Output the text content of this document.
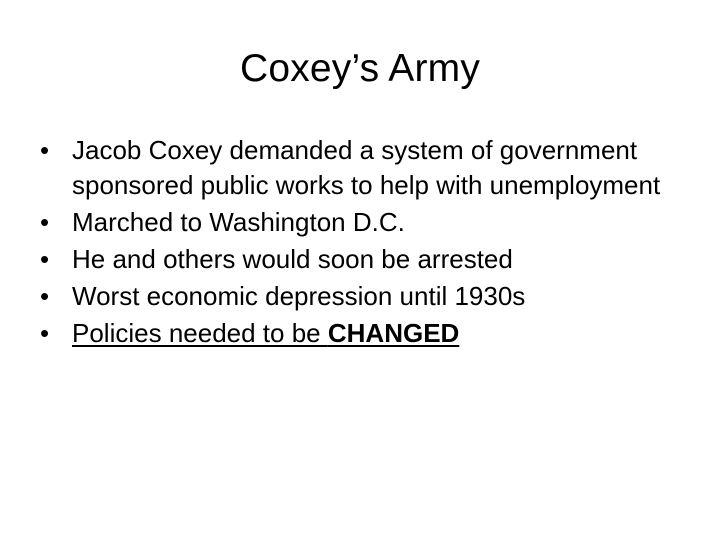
Coxey’s Army
• Jacob Coxey demanded a system of government sponsored public works to help with unemployment
• Marched to Washington D.C.
• He and others would soon be arrested
• Worst economic depression until 1930s
• Policies needed to be CHANGED
